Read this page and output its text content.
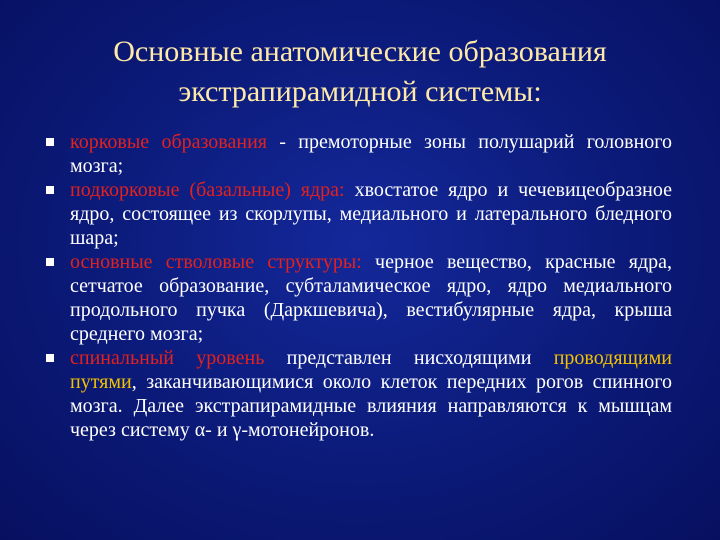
Основные анатомические образования
экстрапирамидной системы:
корковые образования - премоторные зоны полушарий головного мозга;
подкорковые (базальные) ядра: хвостатое ядро и чечевицеобразное ядро, состоящее из скорлупы, медиального и латерального бледного шара;
основные стволовые структуры: черное вещество, красные ядра, сетчатое образование, субталамическое ядро, ядро медиального продольного пучка (Даркшевича), вестибулярные ядра, крыша среднего мозга;
спинальный уровень представлен нисходящими проводящими путями, заканчивающимися около клеток передних рогов спинного мозга. Далее экстрапирамидные влияния направляются к мышцам через систему α- и γ-мотонейронов.
